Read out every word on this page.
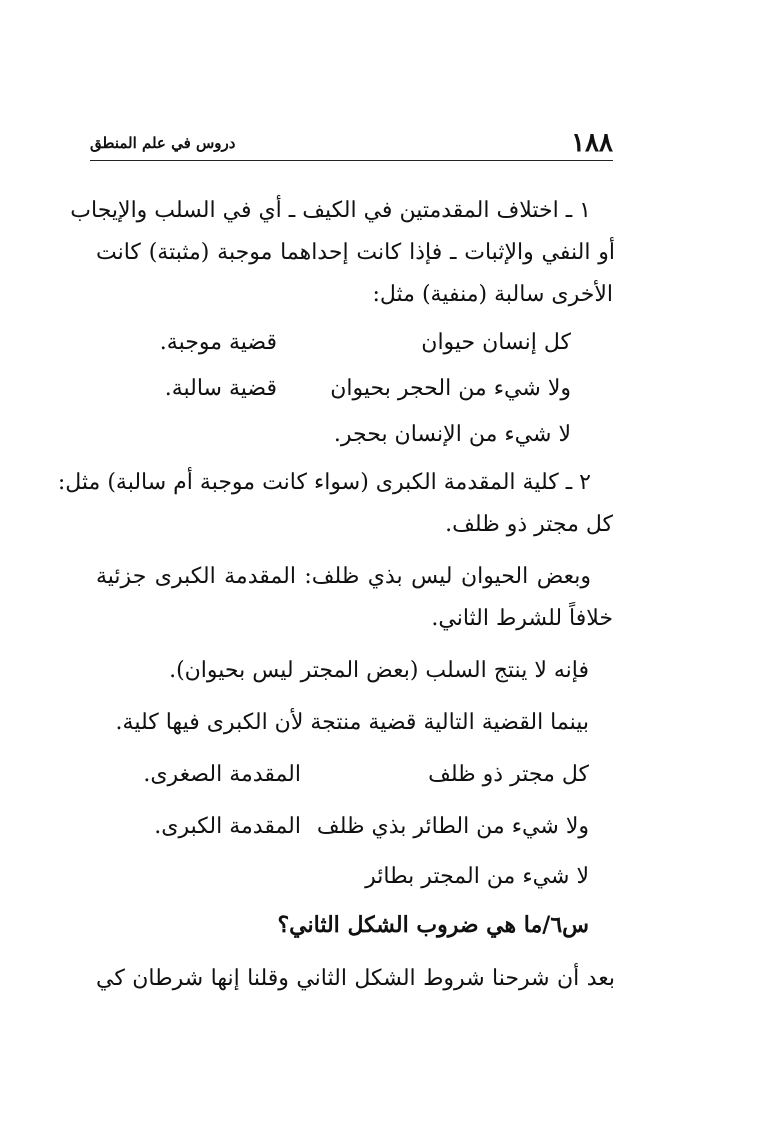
١٨٨
دروس في علم المنطق
١ ـ اختلاف المقدمتين في الكيف ـ أي في السلب والإيجاب
أو النفي والإثبات ـ فإذا كانت إحداهما موجبة (مثبتة) كانت
الأخرى سالبة (منفية) مثل:
كل إنسان حيوان
قضية موجبة.
ولا شيء من الحجر بحيوان
قضية سالبة.
لا شيء من الإنسان بحجر.
٢ ـ كلية المقدمة الكبرى (سواء كانت موجبة أم سالبة) مثل:
كل مجتر ذو ظلف.
وبعض الحيوان ليس بذي ظلف: المقدمة الكبرى جزئية
خلافاً للشرط الثاني.
فإنه لا ينتج السلب (بعض المجتر ليس بحيوان).
بينما القضية التالية قضية منتجة لأن الكبرى فيها كلية.
كل مجتر ذو ظلف
المقدمة الصغرى.
ولا شيء من الطائر بذي ظلف
المقدمة الكبرى.
لا شيء من المجتر بطائر
س٦/ما هي ضروب الشكل الثاني؟
بعد أن شرحنا شروط الشكل الثاني وقلنا إنها شرطان كي
